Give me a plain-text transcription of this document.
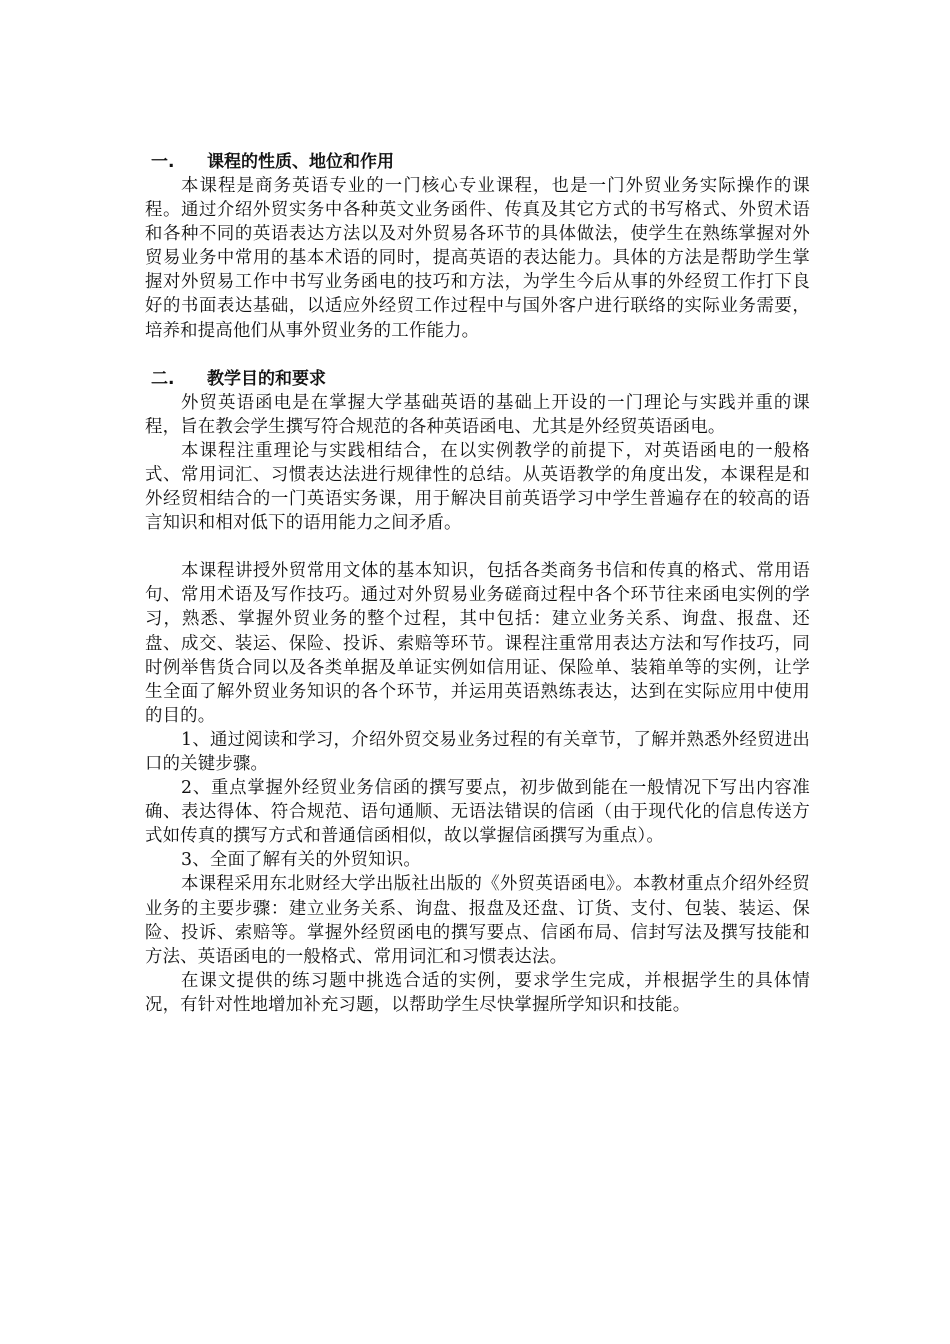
一. 课程的性质、地位和作用

本课程是商务英语专业的一门核心专业课程，也是一门外贸业务实际操作的课程。通过介绍外贸实务中各种英文业务函件、传真及其它方式的书写格式、外贸术语和各种不同的英语表达方法以及对外贸易各环节的具体做法，使学生在熟练掌握对外贸易业务中常用的基本术语的同时，提高英语的表达能力。具体的方法是帮助学生掌握对外贸易工作中书写业务函电的技巧和方法，为学生今后从事的外经贸工作打下良好的书面表达基础，以适应外经贸工作过程中与国外客户进行联络的实际业务需要，培养和提高他们从事外贸业务的工作能力。

二. 教学目的和要求

外贸英语函电是在掌握大学基础英语的基础上开设的一门理论与实践并重的课程，旨在教会学生撰写符合规范的各种英语函电、尤其是外经贸英语函电。

本课程注重理论与实践相结合，在以实例教学的前提下，对英语函电的一般格式、常用词汇、习惯表达法进行规律性的总结。从英语教学的角度出发，本课程是和外经贸相结合的一门英语实务课，用于解决目前英语学习中学生普遍存在的较高的语言知识和相对低下的语用能力之间矛盾。

本课程讲授外贸常用文体的基本知识，包括各类商务书信和传真的格式、常用语句、常用术语及写作技巧。通过对外贸易业务磋商过程中各个环节往来函电实例的学习，熟悉、掌握外贸业务的整个过程，其中包括：建立业务关系、询盘、报盘、还盘、成交、装运、保险、投诉、索赔等环节。课程注重常用表达方法和写作技巧，同时例举售货合同以及各类单据及单证实例如信用证、保险单、装箱单等的实例，让学生全面了解外贸业务知识的各个环节，并运用英语熟练表达，达到在实际应用中使用的目的。

1、通过阅读和学习，介绍外贸交易业务过程的有关章节，了解并熟悉外经贸进出口的关键步骤。

2、重点掌握外经贸业务信函的撰写要点，初步做到能在一般情况下写出内容准确、表达得体、符合规范、语句通顺、无语法错误的信函（由于现代化的信息传送方式如传真的撰写方式和普通信函相似，故以掌握信函撰写为重点）。

3、全面了解有关的外贸知识。

本课程采用东北财经大学出版社出版的《外贸英语函电》。本教材重点介绍外经贸业务的主要步骤：建立业务关系、询盘、报盘及还盘、订货、支付、包装、装运、保险、投诉、索赔等。掌握外经贸函电的撰写要点、信函布局、信封写法及撰写技能和方法、英语函电的一般格式、常用词汇和习惯表达法。

在课文提供的练习题中挑选合适的实例，要求学生完成，并根据学生的具体情况，有针对性地增加补充习题，以帮助学生尽快掌握所学知识和技能。
